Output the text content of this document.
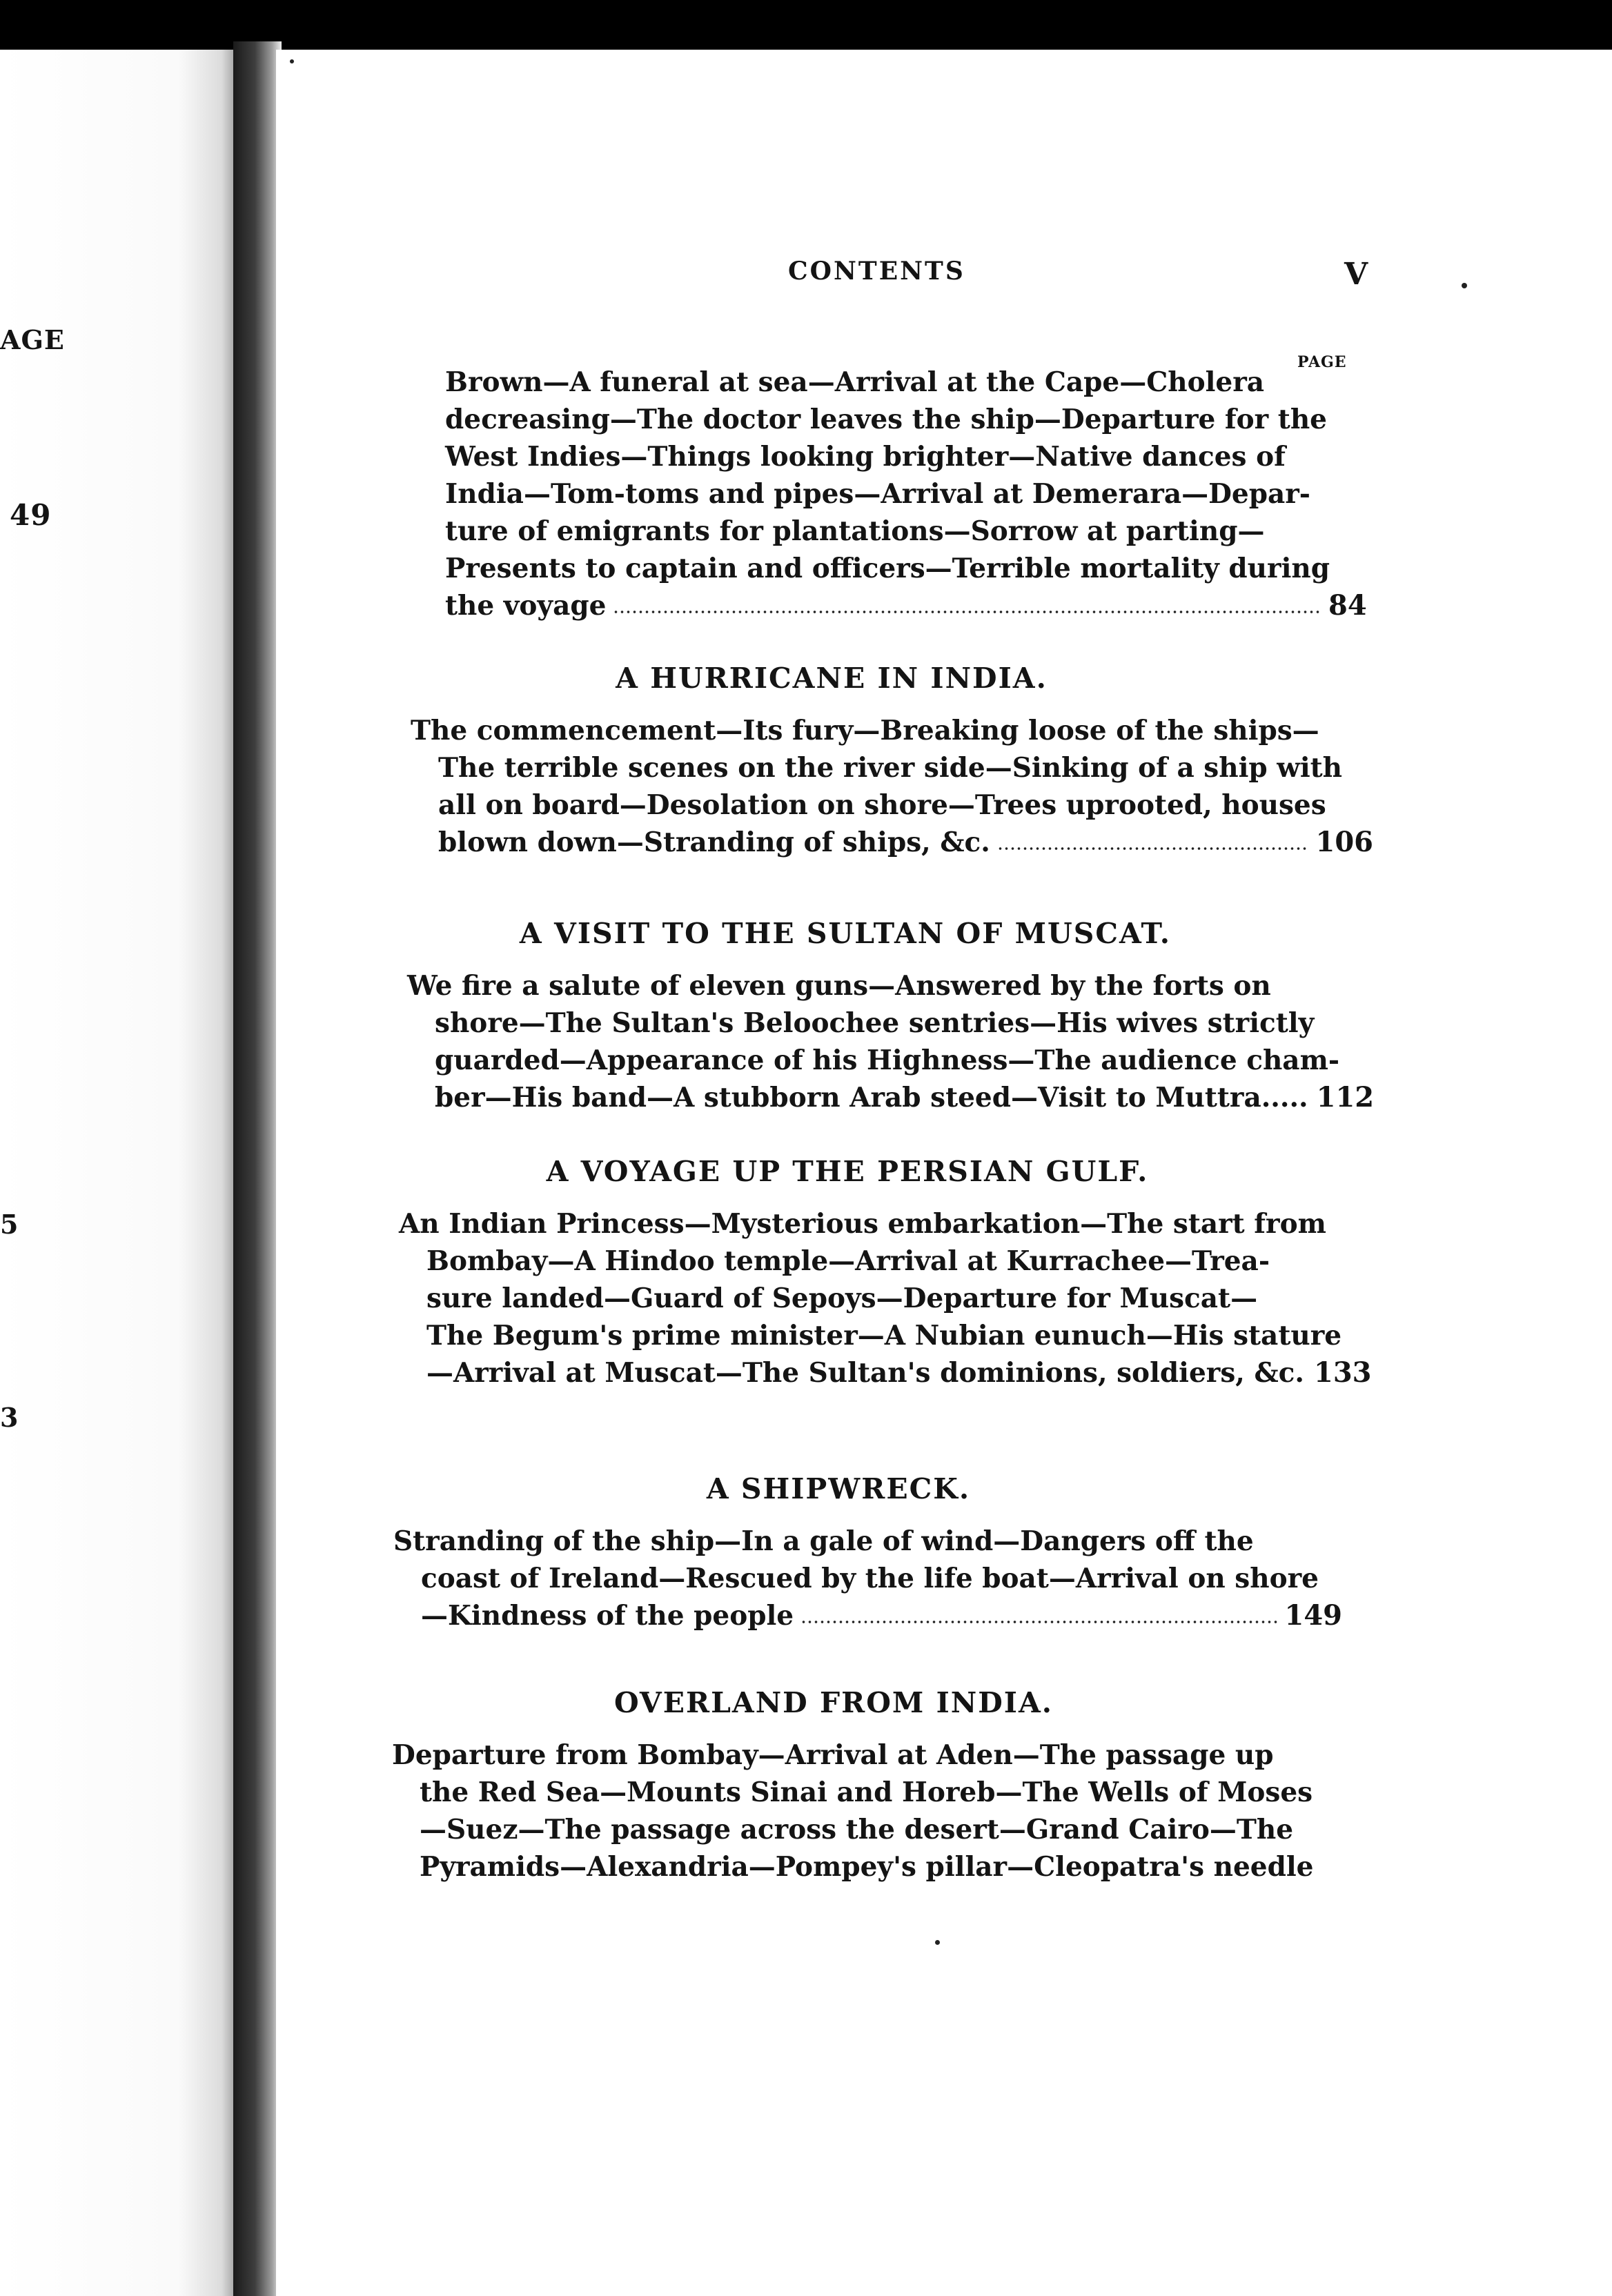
AGE
49
5
3
CONTENTS	V
PAGE
Brown—A funeral at sea—Arrival at the Cape—Cholera
decreasing—The doctor leaves the ship—Departure for the
West Indies—Things looking brighter—Native dances of
India—Tom-toms and pipes—Arrival at Demerara—Depar-
ture of emigrants for plantations—Sorrow at parting—
Presents to captain and officers—Terrible mortality during
the voyage	84
A HURRICANE IN INDIA.
The commencement—Its fury—Breaking loose of the ships—
The terrible scenes on the river side—Sinking of a ship with
all on board—Desolation on shore—Trees uprooted, houses
blown down—Stranding of ships, &c.	106
A VISIT TO THE SULTAN OF MUSCAT.
We fire a salute of eleven guns—Answered by the forts on
shore—The Sultan's Beloochee sentries—His wives strictly
guarded—Appearance of his Highness—The audience cham-
ber—His band—A stubborn Arab steed—Visit to Muttra..... 112
A VOYAGE UP THE PERSIAN GULF.
An Indian Princess—Mysterious embarkation—The start from
Bombay—A Hindoo temple—Arrival at Kurrachee—Trea-
sure landed—Guard of Sepoys—Departure for Muscat—
The Begum's prime minister—A Nubian eunuch—His stature
—Arrival at Muscat—The Sultan's dominions, soldiers, &c. 133
A SHIPWRECK.
Stranding of the ship—In a gale of wind—Dangers off the
coast of Ireland—Rescued by the life boat—Arrival on shore
—Kindness of the people	149
OVERLAND FROM INDIA.
Departure from Bombay—Arrival at Aden—The passage up
the Red Sea—Mounts Sinai and Horeb—The Wells of Moses
—Suez—The passage across the desert—Grand Cairo—The
Pyramids—Alexandria—Pompey's pillar—Cleopatra's needle
